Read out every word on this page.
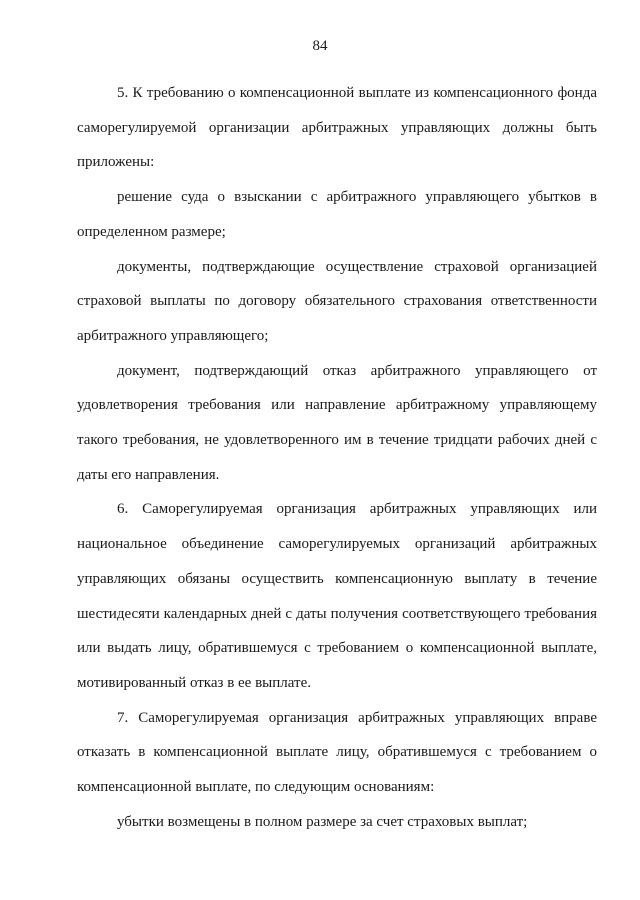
84

5. К требованию о компенсационной выплате из компенсационного фонда саморегулируемой организации арбитражных управляющих должны быть приложены:

решение суда о взыскании с арбитражного управляющего убытков в определенном размере;

документы, подтверждающие осуществление страховой организацией страховой выплаты по договору обязательного страхования ответственности арбитражного управляющего;

документ, подтверждающий отказ арбитражного управляющего от удовлетворения требования или направление арбитражному управляющему такого требования, не удовлетворенного им в течение тридцати рабочих дней с даты его направления.

6. Саморегулируемая организация арбитражных управляющих или национальное объединение саморегулируемых организаций арбитражных управляющих обязаны осуществить компенсационную выплату в течение шестидесяти календарных дней с даты получения соответствующего требования или выдать лицу, обратившемуся с требованием о компенсационной выплате, мотивированный отказ в ее выплате.

7. Саморегулируемая организация арбитражных управляющих вправе отказать в компенсационной выплате лицу, обратившемуся с требованием о компенсационной выплате, по следующим основаниям:

убытки возмещены в полном размере за счет страховых выплат;
